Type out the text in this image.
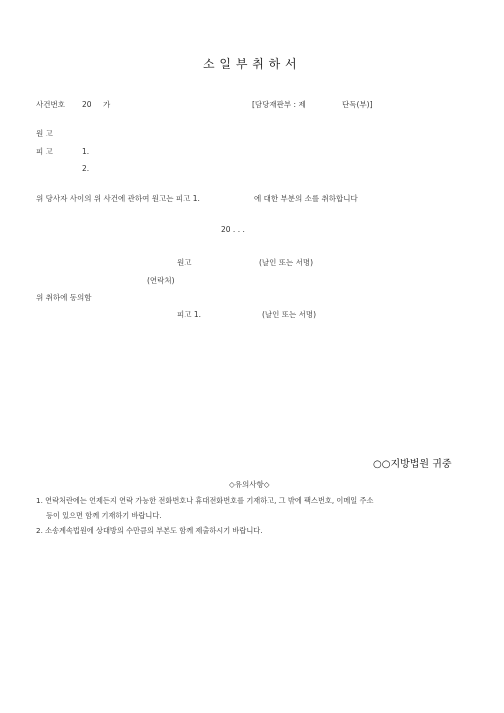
소 일 부 취 하 서
사건번호 20 가	[담당재판부 : 제	단독(부)]
원 고
피 고	1.
2.
위 당사자 사이의 위 사건에 관하여 원고는 피고 1.	에 대한 부분의 소를 취하합니다
20 . . .
원고	(날인 또는 서명)
(연락처)
위 취하에 동의함
피고 1.	(날인 또는 서명)
○○지방법원 귀중
◇유의사항◇
1. 연락처란에는 언제든지 연락 가능한 전화번호나 휴대전화번호를 기재하고, 그 밖에 팩스번호, 이메일 주소
등이 있으면 함께 기재하기 바랍니다.
2. 소송계속법원에 상대방의 수만큼의 부본도 함께 제출하시기 바랍니다.
